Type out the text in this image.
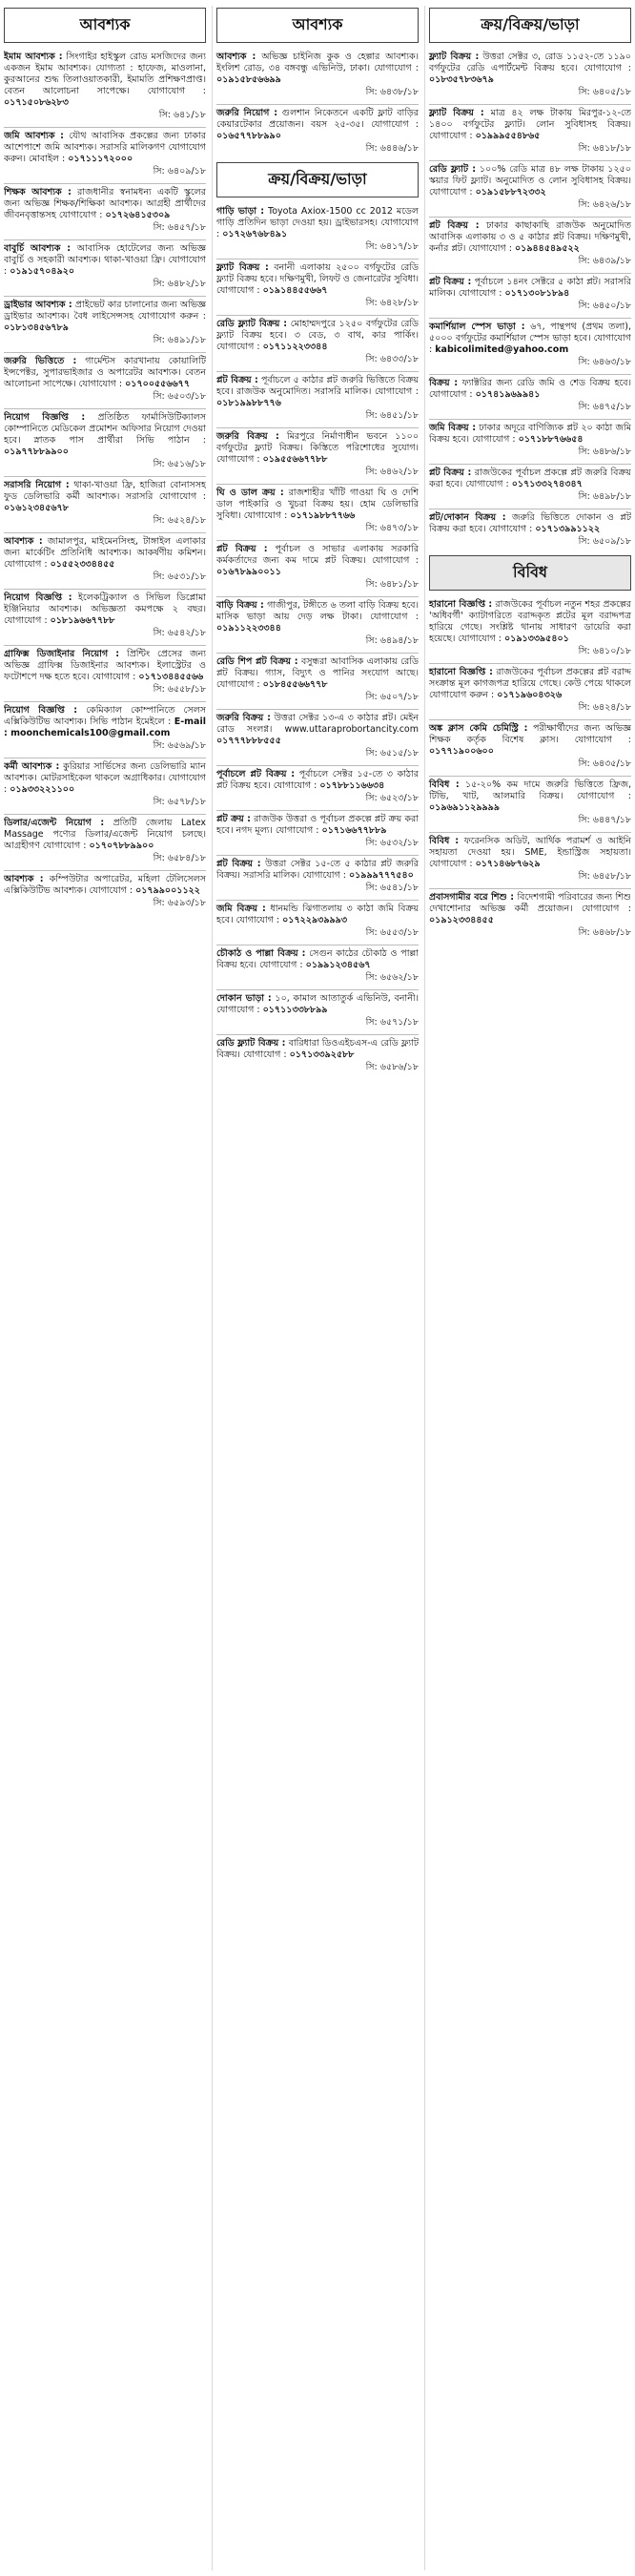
আবশ্যক
ইমাম আবশ্যক : সিংগাইর হাইস্কুল রোড মসজিদের জন্য একজন ইমাম আবশ্যক। যোগ্যতা : হাফেজ, মাওলানা, কুরআনের শুদ্ধ তিলাওয়াতকারী, ইমামতি প্রশিক্ষণপ্রাপ্ত। বেতন আলোচনা সাপেক্ষে। যোগাযোগ : ০১৭১৫০৮৬২৮৩
সি: ৬৪১/১৮
জমি আবশ্যক : যৌথ আবাসিক প্রকল্পের জন্য ঢাকার আশেপাশে জমি আবশ্যক। সরাসরি মালিকগণ যোগাযোগ করুন। মোবাইল : ০১৭১১১৭২০০০
সি: ৬৪০৯/১৮
শিক্ষক আবশ্যক : রাজধানীর স্বনামধন্য একটি স্কুলের জন্য অভিজ্ঞ শিক্ষক/শিক্ষিকা আবশ্যক। আগ্রহী প্রার্থীদের জীবনবৃত্তান্তসহ যোগাযোগ : ০১৭২৬৪১৫৩০৯
সি: ৬৪৫৭/১৮
বাবুর্চি আবশ্যক : আবাসিক হোটেলের জন্য অভিজ্ঞ বাবুর্চি ও সহকারী আবশ্যক। থাকা-খাওয়া ফ্রি। যোগাযোগ : ০১৯১৫৭০৪৯২০
সি: ৬৪৮২/১৮
ড্রাইভার আবশ্যক : প্রাইভেট কার চালানোর জন্য অভিজ্ঞ ড্রাইভার আবশ্যক। বৈধ লাইসেন্সসহ যোগাযোগ করুন : ০১৮১৩৪৫৬৭৮৯
সি: ৬৪৯১/১৮
জরুরি ভিত্তিতে : গার্মেন্টস কারখানায় কোয়ালিটি ইন্সপেক্টর, সুপারভাইজার ও অপারেটর আবশ্যক। বেতন আলোচনা সাপেক্ষে। যোগাযোগ : ০১৭০০৫৫৬৬৭৭
সি: ৬৫০৩/১৮
নিয়োগ বিজ্ঞপ্তি : প্রতিষ্ঠিত ফার্মাসিউটিক্যালস কোম্পানিতে মেডিকেল প্রমোশন অফিসার নিয়োগ দেওয়া হবে। স্নাতক পাস প্রার্থীরা সিভি পাঠান : ০১৯৭৭৮৮৯৯০০
সি: ৬৫১৬/১৮
সরাসরি নিয়োগ : থাকা-খাওয়া ফ্রি, হাজিরা বোনাসসহ ফুড ডেলিভারি কর্মী আবশ্যক। সরাসরি যোগাযোগ : ০১৬১২৩৪৫৬৭৮
সি: ৬৫২৪/১৮
আবশ্যক : জামালপুর, মাইমেনসিংহ, টাঙ্গাইল এলাকার জন্য মার্কেটিং প্রতিনিধি আবশ্যক। আকর্ষণীয় কমিশন। যোগাযোগ : ০১৫৫২৩৩৪৪৫৫
সি: ৬৫৩১/১৮
নিয়োগ বিজ্ঞপ্তি : ইলেকট্রিক্যাল ও সিভিল ডিপ্লোমা ইঞ্জিনিয়ার আবশ্যক। অভিজ্ঞতা কমপক্ষে ২ বছর। যোগাযোগ : ০১৮১৯৬৬৭৭৮৮
সি: ৬৫৪২/১৮
গ্রাফিক্স ডিজাইনার নিয়োগ : প্রিন্টিং প্রেসের জন্য অভিজ্ঞ গ্রাফিক্স ডিজাইনার আবশ্যক। ইলাস্ট্রেটর ও ফটোশপে দক্ষ হতে হবে। যোগাযোগ : ০১৭১৩৪৪৫৫৬৬
সি: ৬৫৫৮/১৮
নিয়োগ বিজ্ঞপ্তি : কেমিক্যাল কোম্পানিতে সেলস এক্সিকিউটিভ আবশ্যক। সিভি পাঠান ইমেইলে : E-mail : moonchemicals100@gmail.com
সি: ৬৫৬৯/১৮
কর্মী আবশ্যক : কুরিয়ার সার্ভিসের জন্য ডেলিভারি ম্যান আবশ্যক। মোটরসাইকেল থাকলে অগ্রাধিকার। যোগাযোগ : ০১৯৩৩২২১১০০
সি: ৬৫৭৮/১৮
ডিলার/এজেন্ট নিয়োগ : প্রতিটি জেলায় Latex Massage পণ্যের ডিলার/এজেন্ট নিয়োগ চলছে। আগ্রহীগণ যোগাযোগ : ০১৭০৭৮৮৯৯০০
সি: ৬৫৮৪/১৮
আবশ্যক : কম্পিউটার অপারেটর, মহিলা টেলিসেলস এক্সিকিউটিভ আবশ্যক। যোগাযোগ : ০১৭৯৯০০১১২২
সি: ৬৫৯৩/১৮
আবশ্যক
আবশ্যক : অভিজ্ঞ চাইনিজ কুক ও হেল্পার আবশ্যক। ইংলিশ রোড, ৩৪ বঙ্গবন্ধু এভিনিউ, ঢাকা। যোগাযোগ : ০১৯১৫৮৫৬৬৯৯
সি: ৬৪৩৮/১৮
জরুরি নিয়োগ : গুলশান নিকেতনে একটি ফ্লাট বাড়ির কেয়ারটেকার প্রয়োজন। বয়স ২৫-৩৫। যোগাযোগ : ০১৬৫৭৭৮৮৯৯০
সি: ৬৪৪৬/১৮
ক্রয়/বিক্রয়/ভাড়া
গাড়ি ভাড়া : Toyota Axiox-1500 cc 2012 মডেল গাড়ি প্রতিদিন ভাড়া দেওয়া হয়। ড্রাইভারসহ। যোগাযোগ : ০১৭২৬৭৬৮৪৯১
সি: ৬৪১৭/১৮
ফ্ল্যাট বিক্রয় : বনানী এলাকায় ২৫০০ বর্গফুটের রেডি ফ্ল্যাট বিক্রয় হবে। দক্ষিণমুখী, লিফট ও জেনারেটর সুবিধা। যোগাযোগ : ০১৯১৪৪৫৫৬৬৭
সি: ৬৪২৮/১৮
রেডি ফ্ল্যাট বিক্রয় : মোহাম্মদপুরে ১২৫০ বর্গফুটের রেডি ফ্ল্যাট বিক্রয় হবে। ৩ বেড, ৩ বাথ, কার পার্কিং। যোগাযোগ : ০১৭১১২২৩৩৪৪
সি: ৬৪৩৩/১৮
প্লট বিক্রয় : পূর্বাচলে ৫ কাঠার প্লট জরুরি ভিত্তিতে বিক্রয় হবে। রাজউক অনুমোদিত। সরাসরি মালিক। যোগাযোগ : ০১৮১৯৯৮৮৭৭৬
সি: ৬৪৫১/১৮
জরুরি বিক্রয় : মিরপুরে নির্মাণাধীন ভবনে ১১০০ বর্গফুটের ফ্ল্যাট বিক্রয়। কিস্তিতে পরিশোধের সুযোগ। যোগাযোগ : ০১৯৫৫৬৬৭৭৮৮
সি: ৬৪৬২/১৮
ঘি ও ডাল ক্রয় : রাজশাহীর খাঁটি গাওয়া ঘি ও দেশি ডাল পাইকারি ও খুচরা বিক্রয় হয়। হোম ডেলিভারি সুবিধা। যোগাযোগ : ০১৭১৯৮৮৭৭৬৬
সি: ৬৪৭৩/১৮
প্লট বিক্রয় : পূর্বাচল ও সাভার এলাকায় সরকারি কর্মকর্তাদের জন্য কম দামে প্লট বিক্রয়। যোগাযোগ : ০১৬৭৮৯৯০০১১
সি: ৬৪৮১/১৮
বাড়ি বিক্রয় : গাজীপুর, টঙ্গীতে ৬ তলা বাড়ি বিক্রয় হবে। মাসিক ভাড়া আয় দেড় লক্ষ টাকা। যোগাযোগ : ০১৯১১২২৩৩৪৪
সি: ৬৪৯৪/১৮
রেডি শিপ প্লট বিক্রয় : বসুন্ধরা আবাসিক এলাকায় রেডি প্লট বিক্রয়। গ্যাস, বিদ্যুৎ ও পানির সংযোগ আছে। যোগাযোগ : ০১৮৪৫৫৬৬৭৭৮
সি: ৬৫০৭/১৮
জরুরি বিক্রয় : উত্তরা সেক্টর ১৩-এ ৩ কাঠার প্লট। মেইন রোড সংলগ্ন। www.uttaraprobortancity.com ০১৭৭৭৮৮৮৫৫৫
সি: ৬৫১৫/১৮
পূর্বাচলে প্লট বিক্রয় : পূর্বাচলে সেক্টর ১৫-তে ৩ কাঠার প্লট বিক্রয় হবে। যোগাযোগ : ০১৭৮৮১১৬৬৩৪
সি: ৬৫২৩/১৮
প্লট ক্রয় : রাজউক উত্তরা ও পূর্বাচল প্রকল্পে প্লট ক্রয় করা হবে। নগদ মূল্য। যোগাযোগ : ০১৭১৬৬৭৭৮৮৯
সি: ৬৫৩২/১৮
প্লট বিক্রয় : উত্তরা সেক্টর ১৫-তে ৫ কাঠার প্লট জরুরি বিক্রয়। সরাসরি মালিক। যোগাযোগ : ০১৯৯৯৭৭৭৫৪০
সি: ৬৫৪১/১৮
জমি বিক্রয় : ধানমন্ডি ঝিগাতলায় ৩ কাঠা জমি বিক্রয় হবে। যোগাযোগ : ০১৭২২৯৩৯৯৯৩
সি: ৬৫৫৩/১৮
চৌকাঠ ও পাল্লা বিক্রয় : সেগুন কাঠের চৌকাঠ ও পাল্লা বিক্রয় হবে। যোগাযোগ : ০১৯৯১২৩৪৫৬৭
সি: ৬৫৬২/১৮
দোকান ভাড়া : ১০, কামাল আতাতুর্ক এভিনিউ, বনানী। যোগাযোগ : ০১৭১১৩৩৮৮৯৯
সি: ৬৫৭১/১৮
রেডি ফ্ল্যাট বিক্রয় : বারিধারা ডিওএইচএস-এ রেডি ফ্ল্যাট বিক্রয়। যোগাযোগ : ০১৭১৩৩৯২৫৮৮
সি: ৬৫৮৬/১৮
ক্রয়/বিক্রয়/ভাড়া
ফ্ল্যাট বিক্রয় : উত্তরা সেক্টর ৩, রোড ১১৫২-তে ১১৯০ বর্গফুটের রেডি এপার্টমেন্ট বিক্রয় হবে। যোগাযোগ : ০১৮৩৫৭৮৩৬৭৯
সি: ৬৪০৫/১৮
ফ্ল্যাট বিক্রয় : মাত্র ৪২ লক্ষ টাকায় মিরপুর-১২-তে ১৪০০ বর্গফুটের ফ্ল্যাট। লোন সুবিধাসহ বিক্রয়। যোগাযোগ : ০১৯৯৯৫৫৪৮৬৫
সি: ৬৪১৮/১৮
রেডি ফ্ল্যাট : ১০০% রেডি মাত্র ৪৮ লক্ষ টাকায় ১২৫০ স্কয়ার ফিট ফ্ল্যাট। অনুমোদিত ও লোন সুবিধাসহ বিক্রয়। যোগাযোগ : ০১৯১৫৮৮৭২৩৩২
সি: ৬৪২৬/১৮
প্লট বিক্রয় : ঢাকার কাছাকাছি রাজউক অনুমোদিত আবাসিক এলাকায় ৩ ও ৫ কাঠার প্লট বিক্রয়। দক্ষিণমুখী, কর্নার প্লট। যোগাযোগ : ০১৯৪৪৫৪৯৫২২
সি: ৬৪৩৯/১৮
প্লট বিক্রয় : পূর্বাচলে ১৪নং সেক্টরে ৫ কাঠা প্লট। সরাসরি মালিক। যোগাযোগ : ০১৭১৩০৮১৮৯৪
সি: ৬৪৫০/১৮
কমার্শিয়াল স্পেস ভাড়া : ৬৭, পান্থপথ (প্রথম তলা), ৫০০০ বর্গফুটের কমার্শিয়াল স্পেস ভাড়া হবে। যোগাযোগ : kabicolimited@yahoo.com
সি: ৬৪৬৩/১৮
বিক্রয় : ফ্যাক্টরির জন্য রেডি জমি ও শেড বিক্রয় হবে। যোগাযোগ : ০১৭৪১৯৬৯৯৪১
সি: ৬৪৭৫/১৮
জমি বিক্রয় : ঢাকার অদূরে বাণিজ্যিক প্লট ২০ কাঠা জমি বিক্রয় হবে। যোগাযোগ : ০১৭১৮৮৭৬৬৫৪
সি: ৬৪৮৬/১৮
প্লট বিক্রয় : রাজউকের পূর্বাচল প্রকল্পে প্লট জরুরি বিক্রয় করা হবে। যোগাযোগ : ০১৭১৩৩২৭৪৩৪৭
সি: ৬৪৯৮/১৮
প্লট/দোকান বিক্রয় : জরুরি ভিত্তিতে দোকান ও প্লট বিক্রয় করা হবে। যোগাযোগ : ০১৭১৩৯৯১১২২
সি: ৬৫০৯/১৮
বিবিধ
হারানো বিজ্ঞপ্তি : রাজউকের পূর্বাচল নতুন শহর প্রকল্পের 'অধিবর্গী' ক্যাটাগরিতে বরাদ্দকৃত প্লটের মূল বরাদ্দপত্র হারিয়ে গেছে। সংশ্লিষ্ট থানায় সাধারণ ডায়েরি করা হয়েছে। যোগাযোগ : ০১৯১৩৩৯৫৪০১
সি: ৬৪১০/১৮
হারানো বিজ্ঞপ্তি : রাজউকের পূর্বাচল প্রকল্পের প্লট বরাদ্দ সংক্রান্ত মূল কাগজপত্র হারিয়ে গেছে। কেউ পেয়ে থাকলে যোগাযোগ করুন : ০১৭১৯৬০৪৩২৬
সি: ৬৪২৪/১৮
অঙ্ক ক্লাস কেমি চেমিস্ট্রি : পরীক্ষার্থীদের জন্য অভিজ্ঞ শিক্ষক কর্তৃক বিশেষ ক্লাস। যোগাযোগ : ০১৭৭১৯০০৬০০
সি: ৬৪৩৫/১৮
বিবিধ : ১৫-২০% কম দামে জরুরি ভিত্তিতে ফ্রিজ, টিভি, খাট, আলমারি বিক্রয়। যোগাযোগ : ০১৯৬৯১১২৯৯৯৯
সি: ৬৪৪৭/১৮
বিবিধ : ফরেনসিক অডিট, আর্থিক পরামর্শ ও আইনি সহায়তা দেওয়া হয়। SME, ইন্ডাস্ট্রিজ সহায়তা। যোগাযোগ : ০১৭১৪৬৮৭৬২৯
সি: ৬৪৫৮/১৮
প্রবাসগামীর বরে শিশু : বিদেশগামী পরিবারের জন্য শিশু দেখাশোনার অভিজ্ঞ কর্মী প্রয়োজন। যোগাযোগ : ০১৯১২৩৩৪৪৫৫
সি: ৬৪৬৮/১৮
